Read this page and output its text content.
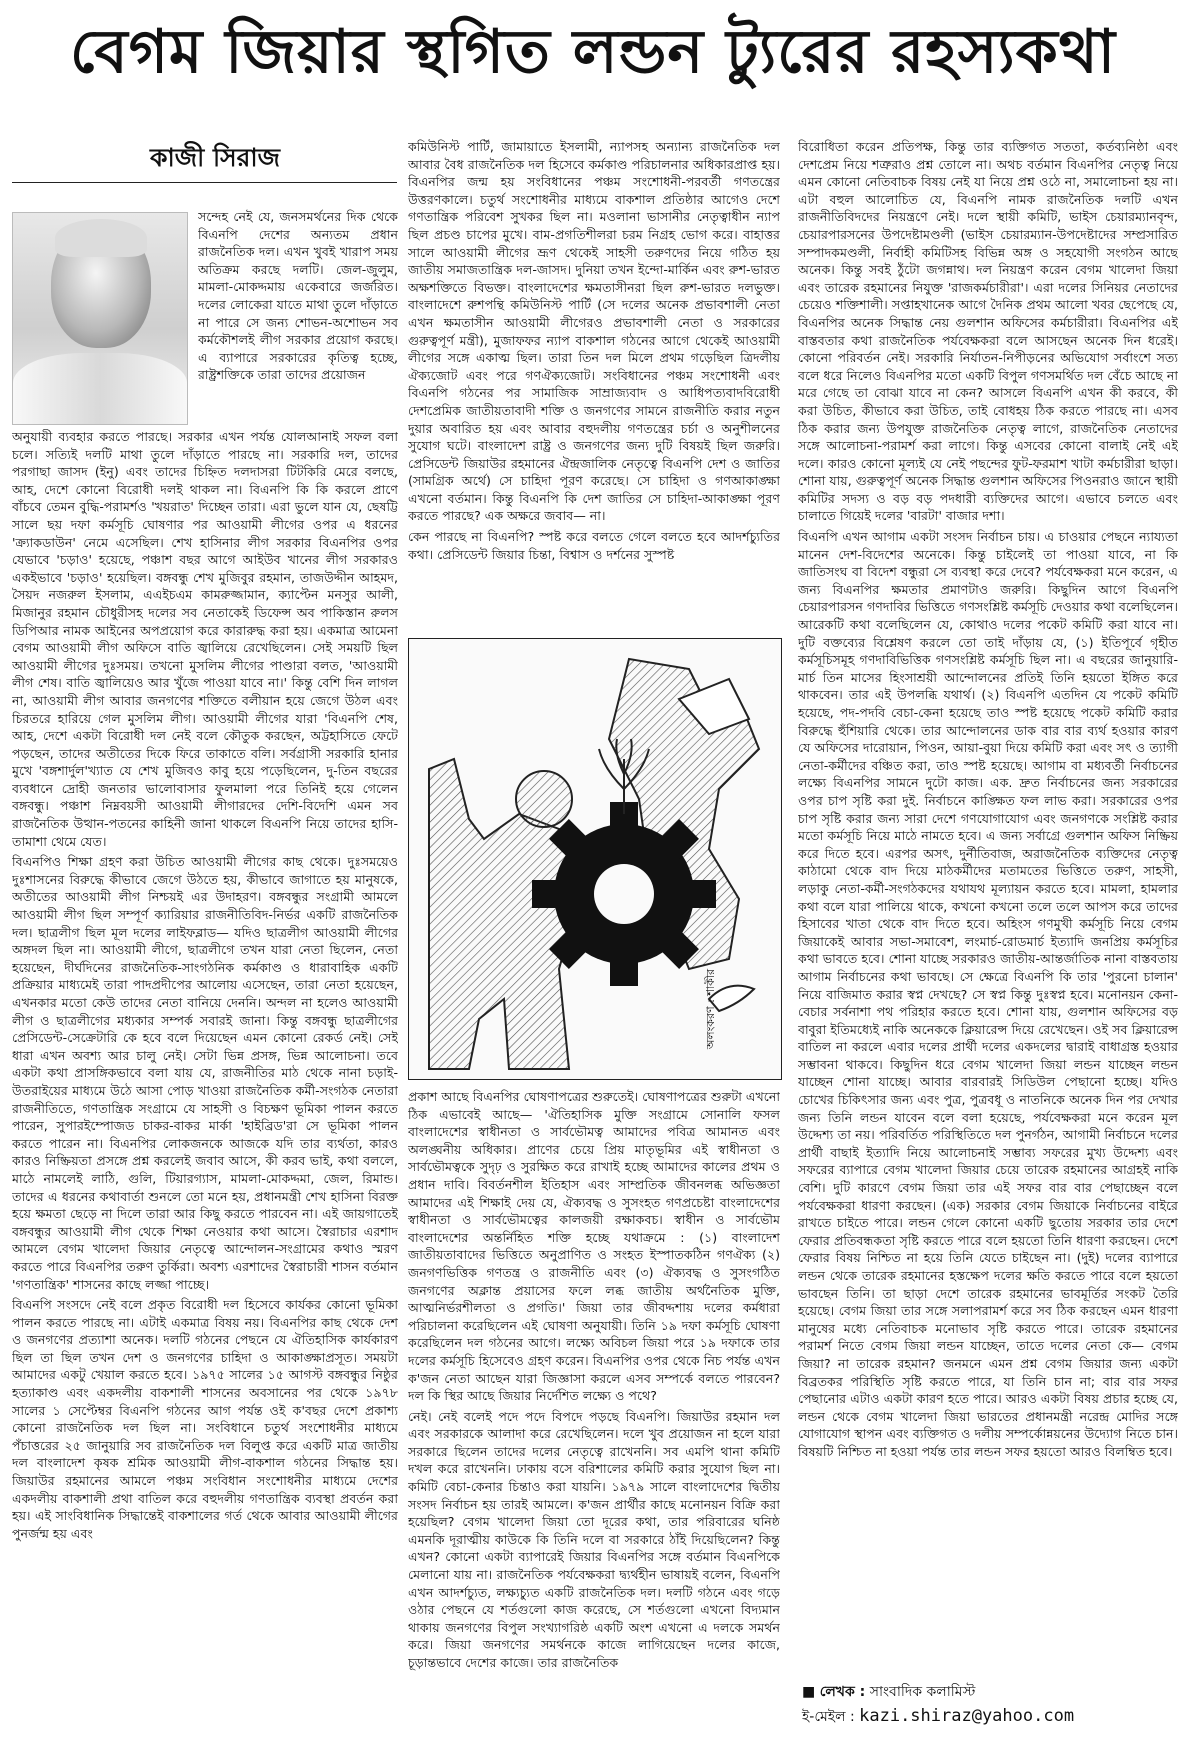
বেগম জিয়ার স্থগিত লন্ডন ট্যুরের রহস্যকথা
কাজী সিরাজ

সন্দেহ নেই যে, জনসমর্থনের দিক থেকে বিএনপি দেশের অন্যতম প্রধান রাজনৈতিক দল। এখন খুবই খারাপ সময় অতিক্রম করছে দলটি। জেল-জুলুম, মামলা-মোকদ্দমায় একেবারে জর্জরিত। দলের লোকেরা যাতে মাথা তুলে দাঁড়াতে না পারে সে জন্য শোভন-অশোভন সব কর্মকৌশলই লীগ সরকার প্রয়োগ করছে। এ ব্যাপারে সরকারের কৃতিত্ব হচ্ছে, রাষ্ট্রশক্তিকে তারা তাদের প্রয়োজন

অনুযায়ী ব্যবহার করতে পারছে। সরকার এখন পর্যন্ত যোলআনাই সফল বলা চলে। সত্যিই দলটি মাথা তুলে দাঁড়াতে পারছে না। সরকারি দল, তাদের পরগাছা জাসদ (ইনু) এবং তাদের চিহ্নিত দলদাসরা টিটকিরি মেরে বলছে, আহ, দেশে কোনো বিরোধী দলই থাকল না। বিএনপি কি কি করলে প্রাণে বাঁচবে তেমন বুদ্ধি-পরামর্শও 'খয়রাত' দিচ্ছেন তারা। এরা ভুলে যান যে, ছেষট্টি সালে ছয় দফা কর্মসূচি ঘোষণার পর আওয়ামী লীগের ওপর এ ধরনের 'ক্র্যাকডাউন' নেমে এসেছিল। শেখ হাসিনার লীগ সরকার বিএনপির ওপর যেভাবে 'চড়াও' হয়েছে, পঞ্চাশ বছর আগে আইউব খানের লীগ সরকারও একইভাবে 'চড়াও' হয়েছিল। বঙ্গবন্ধু শেখ মুজিবুর রহমান, তাজউদ্দীন আহমদ, সৈয়দ নজরুল ইসলাম, এএইচএম কামরুজ্জামান, ক্যাপ্টেন মনসুর আলী, মিজানুর রহমান চৌধুরীসহ দলের সব নেতাকেই ডিফেন্স অব পাকিস্তান রুলস ডিপিআর নামক আইনের অপপ্রয়োগ করে কারারুদ্ধ করা হয়। একমাত্র আমেনা বেগম আওয়ামী লীগ অফিসে বাতি জ্বালিয়ে রেখেছিলেন। সেই সময়টি ছিল আওয়ামী লীগের দুঃসময়। তখনো মুসলিম লীগের পাণ্ডারা বলত, 'আওয়ামী লীগ শেষ। বাতি জ্বালিয়েও আর খুঁজে পাওয়া যাবে না।' কিন্তু বেশি দিন লাগল না, আওয়ামী লীগ আবার জনগণের শক্তিতে বলীয়ান হয়ে জেগে উঠল এবং চিরতরে হারিয়ে গেল মুসলিম লীগ। আওয়ামী লীগের যারা 'বিএনপি শেষ, আহ, দেশে একটা বিরোধী দল নেই বলে কৌতুক করছেন, অট্টহাসিতে ফেটে পড়ছেন, তাদের অতীতের দিকে ফিরে তাকাতে বলি। সর্বগ্রাসী সরকারি হানার মুখে 'বঙ্গশার্দুল'খ্যাত যে শেখ মুজিবও কাবু হয়ে পড়েছিলেন, দু-তিন বছরের ব্যবধানে দ্রোহী জনতার ভালোবাসার ফুলমালা পরে তিনিই হয়ে গেলেন বঙ্গবন্ধু। পঞ্চাশ নিম্নবয়সী আওয়ামী লীগারদের দেশি-বিদেশি এমন সব রাজনৈতিক উত্থান-পতনের কাহিনী জানা থাকলে বিএনপি নিয়ে তাদের হাসি-তামাশা থেমে যেত।

বিএনপিও শিক্ষা গ্রহণ করা উচিত আওয়ামী লীগের কাছ থেকে। দুঃসময়েও দুঃশাসনের বিরুদ্ধে কীভাবে জেগে উঠতে হয়, কীভাবে জাগাতে হয় মানুষকে, অতীতের আওয়ামী লীগ নিশ্চয়ই এর উদাহরণ। বঙ্গবন্ধুর সংগ্রামী আমলে আওয়ামী লীগ ছিল সম্পূর্ণ ক্যারিয়ার রাজনীতিবিদ-নির্ভর একটি রাজনৈতিক দল। ছাত্রলীগ ছিল মূল দলের লাইফব্লাড— যদিও ছাত্রলীগ আওয়ামী লীগের অঙ্গদল ছিল না। আওয়ামী লীগে, ছাত্রলীগে তখন যারা নেতা ছিলেন, নেতা হয়েছেন, দীর্ঘদিনের রাজনৈতিক-সাংগঠনিক কর্মকাণ্ড ও ধারাবাহিক একটি প্রক্রিয়ার মাধ্যমেই তারা পাদপ্রদীপের আলোয় এসেছেন, তারা নেতা হয়েছেন, এখনকার মতো কেউ তাদের নেতা বানিয়ে দেননি। অন্দল না হলেও আওয়ামী লীগ ও ছাত্রলীগের মধ্যকার সম্পর্ক সবারই জানা। কিন্তু বঙ্গবন্ধু ছাত্রলীগের প্রেসিডেন্ট-সেক্রেটারি কে হবে বলে দিয়েছেন এমন কোনো রেকর্ড নেই। সেই ধারা এখন অবশ্য আর চালু নেই। সেটা ভিন্ন প্রসঙ্গ, ভিন্ন আলোচনা। তবে একটা কথা প্রাসঙ্গিকভাবে বলা যায় যে, রাজনীতির মাঠ থেকে নানা চড়াই-উতরাইয়ের মাধ্যমে উঠে আসা পোড় খাওয়া রাজনৈতিক কর্মী-সংগঠক নেতারা রাজনীতিতে, গণতান্ত্রিক সংগ্রামে যে সাহসী ও বিচক্ষণ ভূমিকা পালন করতে পারেন, সুপারইম্পোজড চাকর-বাকর মার্কা 'হাইব্রিড'রা সে ভূমিকা পালন করতে পারেন না। বিএনপির লোকজনকে আজকে যদি তার ব্যর্থতা, কারও কারও নিষ্ক্রিয়তা প্রসঙ্গে প্রশ্ন করলেই জবাব আসে, কী করব ভাই, কথা বললে, মাঠে নামলেই লাঠি, গুলি, টিয়ারগ্যাস, মামলা-মোকদ্দমা, জেল, রিমান্ড। তাদের এ ধরনের কথাবার্তা শুনলে তো মনে হয়, প্রধানমন্ত্রী শেখ হাসিনা বিরক্ত হয়ে ক্ষমতা ছেড়ে না দিলে তারা আর কিছু করতে পারবেন না। এই জায়গাতেই বঙ্গবন্ধুর আওয়ামী লীগ থেকে শিক্ষা নেওয়ার কথা আসে। স্বৈরাচার এরশাদ আমলে বেগম খালেদা জিয়ার নেতৃত্বে আন্দোলন-সংগ্রামের কথাও স্মরণ করতে পারে বিএনপির তরুণ তুর্কিরা। অবশ্য এরশাদের স্বৈরাচারী শাসন বর্তমান 'গণতান্ত্রিক' শাসনের কাছে লজ্জা পাচ্ছে।

বিএনপি সংসদে নেই বলে প্রকৃত বিরোধী দল হিসেবে কার্যকর কোনো ভূমিকা পালন করতে পারছে না। এটাই একমাত্র বিষয় নয়। বিএনপির কাছ থেকে দেশ ও জনগণের প্রত্যাশা অনেক। দলটি গঠনের পেছনে যে ঐতিহাসিক কার্যকারণ ছিল তা ছিল তখন দেশ ও জনগণের চাহিদা ও আকাঙ্ক্ষাপ্রসূত। সময়টা আমাদের একটু খেয়াল করতে হবে। ১৯৭৫ সালের ১৫ আগস্ট বঙ্গবন্ধুর নিষ্ঠুর হত্যাকাণ্ড এবং একদলীয় বাকশালী শাসনের অবসানের পর থেকে ১৯৭৮ সালের ১ সেপ্টেম্বর বিএনপি গঠনের আগ পর্যন্ত ওই ক'বছর দেশে প্রকাশ্য কোনো রাজনৈতিক দল ছিল না। সংবিধানে চতুর্থ সংশোধনীর মাধ্যমে পঁচাত্তরের ২৫ জানুয়ারি সব রাজনৈতিক দল বিলুপ্ত করে একটি মাত্র জাতীয় দল বাংলাদেশ কৃষক শ্রমিক আওয়ামী লীগ-বাকশাল গঠনের সিদ্ধান্ত হয়। জিয়াউর রহমানের আমলে পঞ্চম সংবিধান সংশোধনীর মাধ্যমে দেশের একদলীয় বাকশালী প্রথা বাতিল করে বহুদলীয় গণতান্ত্রিক ব্যবস্থা প্রবর্তন করা হয়। এই সাংবিধানিক সিদ্ধান্তেই বাকশালের গর্ত থেকে আবার আওয়ামী লীগের পুনর্জন্ম হয় এবং

কমিউনিস্ট পার্টি, জামায়াতে ইসলামী, ন্যাপসহ অন্যান্য রাজনৈতিক দল আবার বৈধ রাজনৈতিক দল হিসেবে কর্মকাণ্ড পরিচালনার অধিকারপ্রাপ্ত হয়। বিএনপির জন্ম হয় সংবিধানের পঞ্চম সংশোধনী-পরবর্তী গণতন্ত্রের উত্তরণকালে। চতুর্থ সংশোধনীর মাধ্যমে বাকশাল প্রতিষ্ঠার আগেও দেশে গণতান্ত্রিক পরিবেশ সুখকর ছিল না। মওলানা ভাসানীর নেতৃত্বাধীন ন্যাপ ছিল প্রচণ্ড চাপের মুখে। বাম-প্রগতিশীলরা চরম নিগ্রহ ভোগ করে। বাহাত্তর সালে আওয়ামী লীগের ভ্রূণ থেকেই সাহসী তরুণদের নিয়ে গঠিত হয় জাতীয় সমাজতান্ত্রিক দল-জাসদ। দুনিয়া তখন ইন্দো-মার্কিন এবং রুশ-ভারত অক্ষশক্তিতে বিভক্ত। বাংলাদেশের ক্ষমতাসীনরা ছিল রুশ-ভারত দলভুক্ত। বাংলাদেশে রুশপন্থি কমিউনিস্ট পার্টি (সে দলের অনেক প্রভাবশালী নেতা এখন ক্ষমতাসীন আওয়ামী লীগেরও প্রভাবশালী নেতা ও সরকারের গুরুত্বপূর্ণ মন্ত্রী), মুজাফফর ন্যাপ বাকশাল গঠনের আগে থেকেই আওয়ামী লীগের সঙ্গে একাত্ম ছিল। তারা তিন দল মিলে প্রথম গড়েছিল ত্রিদলীয় ঐক্যজোট এবং পরে গণঐক্যজোট। সংবিধানের পঞ্চম সংশোধনী এবং বিএনপি গঠনের পর সামাজিক সাম্রাজ্যবাদ ও আধিপত্যবাদবিরোধী দেশপ্রেমিক জাতীয়তাবাদী শক্তি ও জনগণের সামনে রাজনীতি করার নতুন দুয়ার অবারিত হয় এবং আবার বহুদলীয় গণতন্ত্রের চর্চা ও অনুশীলনের সুযোগ ঘটে। বাংলাদেশ রাষ্ট্র ও জনগণের জন্য দুটি বিষয়ই ছিল জরুরি। প্রেসিডেন্ট জিয়াউর রহমানের ঐন্দ্রজালিক নেতৃত্বে বিএনপি দেশ ও জাতির (সামগ্রিক অর্থে) সে চাহিদা পূরণ করেছে। সে চাহিদা ও গণআকাঙ্ক্ষা এখনো বর্তমান। কিন্তু বিএনপি কি দেশ জাতির সে চাহিদা-আকাঙ্ক্ষা পূরণ করতে পারছে? এক অক্ষরে জবাব— না।

কেন পারছে না বিএনপি? স্পষ্ট করে বলতে গেলে বলতে হবে আদর্শচ্যুতির কথা। প্রেসিডেন্ট জিয়ার চিন্তা, বিশ্বাস ও দর্শনের সুস্পষ্ট

অলংকরণ : শাকীর

প্রকাশ আছে বিএনপির ঘোষণাপত্রের শুরুতেই। ঘোষণাপত্রের শুরুটা এখনো ঠিক এভাবেই আছে— 'ঐতিহাসিক মুক্তি সংগ্রামে সোনালি ফসল বাংলাদেশের স্বাধীনতা ও সার্বভৌমত্ব আমাদের পবিত্র আমানত এবং অলঙ্ঘনীয় অধিকার। প্রাণের চেয়ে প্রিয় মাতৃভূমির এই স্বাধীনতা ও সার্বভৌমত্বকে সুদৃঢ় ও সুরক্ষিত করে রাখাই হচ্ছে আমাদের কালের প্রথম ও প্রধান দাবি। বিবর্তনশীল ইতিহাস এবং সাম্প্রতিক জীবনলব্ধ অভিজ্ঞতা আমাদের এই শিক্ষাই দেয় যে, ঐক্যবদ্ধ ও সুসংহত গণপ্রচেষ্টা বাংলাদেশের স্বাধীনতা ও সার্বভৌমত্বের কালজয়ী রক্ষাকবচ। স্বাধীন ও সার্বভৌম বাংলাদেশের অন্তর্নিহিত শক্তি হচ্ছে যথাক্রমে : (১) বাংলাদেশ জাতীয়তাবাদের ভিত্তিতে অনুপ্রাণিত ও সংহত ইস্পাতকঠিন গণঐক্য (২) জনগণভিত্তিক গণতন্ত্র ও রাজনীতি এবং (৩) ঐক্যবদ্ধ ও সুসংগঠিত জনগণের অক্লান্ত প্রয়াসের ফলে লব্ধ জাতীয় অর্থনৈতিক মুক্তি, আত্মনির্ভরশীলতা ও প্রগতি।' জিয়া তার জীবদ্দশায় দলের কর্মধারা পরিচালনা করেছিলেন এই ঘোষণা অনুযায়ী। তিনি ১৯ দফা কর্মসূচি ঘোষণা করেছিলেন দল গঠনের আগে। লক্ষ্যে অবিচল জিয়া পরে ১৯ দফাকে তার দলের কর্মসূচি হিসেবেও গ্রহণ করেন। বিএনপির ওপর থেকে নিচ পর্যন্ত এখন ক'জন নেতা আছেন যারা জিজ্ঞাসা করলে এসব সম্পর্কে বলতে পারবেন? দল কি স্থির আছে জিয়ার নির্দেশিত লক্ষ্যে ও পথে?

নেই। নেই বলেই পদে পদে বিপদে পড়ছে বিএনপি। জিয়াউর রহমান দল এবং সরকারকে আলাদা করে রেখেছিলেন। দলে খুব প্রয়োজন না হলে যারা সরকারে ছিলেন তাদের দলের নেতৃত্বে রাখেননি। সব এমপি থানা কমিটি দখল করে রাখেননি। ঢাকায় বসে বরিশালের কমিটি করার সুযোগ ছিল না। কমিটি বেচা-কেনার চিন্তাও করা যায়নি। ১৯৭৯ সালে বাংলাদেশের দ্বিতীয় সংসদ নির্বাচন হয় তারই আমলে। ক'জন প্রার্থীর কাছে মনোনয়ন বিক্রি করা হয়েছিল? বেগম খালেদা জিয়া তো দূরের কথা, তার পরিবারের ঘনিষ্ঠ এমনকি দূরাত্মীয় কাউকে কি তিনি দলে বা সরকারে ঠাঁই দিয়েছিলেন? কিন্তু এখন? কোনো একটা ব্যাপারেই জিয়ার বিএনপির সঙ্গে বর্তমান বিএনপিকে মেলানো যায় না। রাজনৈতিক পর্যবেক্ষকরা দ্ব্যর্থহীন ভাষায়ই বলেন, বিএনপি এখন আদর্শচ্যুত, লক্ষ্যচ্যুত একটি রাজনৈতিক দল। দলটি গঠনে এবং গড়ে ওঠার পেছনে যে শর্তগুলো কাজ করেছে, সে শর্তগুলো এখনো বিদ্যমান থাকায় জনগণের বিপুল সংখ্যাগরিষ্ঠ একটি অংশ এখনো এ দলকে সমর্থন করে। জিয়া জনগণের সমর্থনকে কাজে লাগিয়েছেন দলের কাজে, চূড়ান্তভাবে দেশের কাজে। তার রাজনৈতিক

বিরোধিতা করেন প্রতিপক্ষ, কিন্তু তার ব্যক্তিগত সততা, কর্তব্যনিষ্ঠা এবং দেশপ্রেম নিয়ে শত্রুরাও প্রশ্ন তোলে না। অথচ বর্তমান বিএনপির নেতৃত্ব নিয়ে এমন কোনো নেতিবাচক বিষয় নেই যা নিয়ে প্রশ্ন ওঠে না, সমালোচনা হয় না। এটা বহুল আলোচিত যে, বিএনপি নামক রাজনৈতিক দলটি এখন রাজনীতিবিদদের নিয়ন্ত্রণে নেই। দলে স্থায়ী কমিটি, ভাইস চেয়ারম্যানবৃন্দ, চেয়ারপারসনের উপদেষ্টামণ্ডলী (ভাইস চেয়ারম্যান-উপদেষ্টাদের সম্প্রসারিত সম্পাদকমণ্ডলী, নির্বাহী কমিটিসহ বিভিন্ন অঙ্গ ও সহযোগী সংগঠন আছে অনেক। কিন্তু সবই ঠুঁটো জগন্নাথ। দল নিয়ন্ত্রণ করেন বেগম খালেদা জিয়া এবং তারেক রহমানের নিযুক্ত 'রাজকর্মচারীরা'। এরা দলের সিনিয়র নেতাদের চেয়েও শক্তিশালী। সপ্তাহখানেক আগে দৈনিক প্রথম আলো খবর ছেপেছে যে, বিএনপির অনেক সিদ্ধান্ত নেয় গুলশান অফিসের কর্মচারীরা। বিএনপির এই বাস্তবতার কথা রাজনৈতিক পর্যবেক্ষকরা বলে আসছেন অনেক দিন ধরেই। কোনো পরিবর্তন নেই। সরকারি নির্যাতন-নিপীড়নের অভিযোগ সর্বাংশে সত্য বলে ধরে নিলেও বিএনপির মতো একটি বিপুল গণসমর্থিত দল বেঁচে আছে না মরে গেছে তা বোঝা যাবে না কেন? আসলে বিএনপি এখন কী করবে, কী করা উচিত, কীভাবে করা উচিত, তাই বোধহয় ঠিক করতে পারছে না। এসব ঠিক করার জন্য উপযুক্ত রাজনৈতিক নেতৃত্ব লাগে, রাজনৈতিক নেতাদের সঙ্গে আলোচনা-পরামর্শ করা লাগে। কিন্তু এসবের কোনো বালাই নেই এই দলে। কারও কোনো মূল্যই যে নেই পছন্দের ফুট-ফরমাশ খাটা কর্মচারীরা ছাড়া। শোনা যায়, গুরুত্বপূর্ণ অনেক সিদ্ধান্ত গুলশান অফিসের পিওনরাও জানে স্থায়ী কমিটির সদস্য ও বড় বড় পদধারী ব্যক্তিদের আগে। এভাবে চলতে এবং চালাতে গিয়েই দলের 'বারটা' বাজার দশা।

বিএনপি এখন আগাম একটা সংসদ নির্বাচন চায়। এ চাওয়ার পেছনে ন্যায্যতা মানেন দেশ-বিদেশের অনেকে। কিন্তু চাইলেই তা পাওয়া যাবে, না কি জাতিসংঘ বা বিদেশ বন্ধুরা সে ব্যবস্থা করে দেবে? পর্যবেক্ষকরা মনে করেন, এ জন্য বিএনপির ক্ষমতার প্রমাণটাও জরুরি। কিছুদিন আগে বিএনপি চেয়ারপারসন গণদাবির ভিত্তিতে গণসংশ্লিষ্ট কর্মসূচি দেওয়ার কথা বলেছিলেন। আরেকটি কথা বলেছিলেন যে, কোথাও দলের পকেট কমিটি করা যাবে না। দুটি বক্তব্যের বিশ্লেষণ করলে তো তাই দাঁড়ায় যে, (১) ইতিপূর্বে গৃহীত কর্মসূচিসমূহ গণদাবিভিত্তিক গণসংশ্লিষ্ট কর্মসূচি ছিল না। এ বছরের জানুয়ারি-মার্চ তিন মাসের হিংসাশ্রয়ী আন্দোলনের প্রতিই তিনি হয়তো ইঙ্গিত করে থাকবেন। তার এই উপলব্ধি যথার্থ। (২) বিএনপি এতদিন যে পকেট কমিটি হয়েছে, পদ-পদবি বেচা-কেনা হয়েছে তাও স্পষ্ট হয়েছে পকেট কমিটি করার বিরুদ্ধে হুঁশিয়ারি থেকে। তার আন্দোলনের ডাক বার বার ব্যর্থ হওয়ার কারণ যে অফিসের দারোয়ান, পিওন, আয়া-বুয়া দিয়ে কমিটি করা এবং সৎ ও ত্যাগী নেতা-কর্মীদের বঞ্চিত করা, তাও স্পষ্ট হয়েছে। আগাম বা মধ্যবর্তী নির্বাচনের লক্ষ্যে বিএনপির সামনে দুটো কাজ। এক. দ্রুত নির্বাচনের জন্য সরকারের ওপর চাপ সৃষ্টি করা দুই. নির্বাচনে কাঙ্ক্ষিত ফল লাভ করা। সরকারের ওপর চাপ সৃষ্টি করার জন্য সারা দেশে গণযোগাযোগ এবং জনগণকে সংশ্লিষ্ট করার মতো কর্মসূচি নিয়ে মাঠে নামতে হবে। এ জন্য সর্বাগ্রে গুলশান অফিস নিষ্ক্রিয় করে দিতে হবে। এরপর অসৎ, দুর্নীতিবাজ, অরাজনৈতিক ব্যক্তিদের নেতৃত্ব কাঠামো থেকে বাদ দিয়ে মাঠকর্মীদের মতামতের ভিত্তিতে তরুণ, সাহসী, লড়াকু নেতা-কর্মী-সংগঠকদের যথাযথ মূল্যায়ন করতে হবে। মামলা, হামলার কথা বলে যারা পালিয়ে থাকে, কখনো কখনো তলে তলে আপস করে তাদের হিসাবের খাতা থেকে বাদ দিতে হবে। অহিংস গণমুখী কর্মসূচি নিয়ে বেগম জিয়াকেই আবার সভা-সমাবেশ, লংমার্চ-রোডমার্চ ইত্যাদি জনপ্রিয় কর্মসূচির কথা ভাবতে হবে। শোনা যাচ্ছে সরকারও জাতীয়-আন্তর্জাতিক নানা বাস্তবতায় আগাম নির্বাচনের কথা ভাবছে। সে ক্ষেত্রে বিএনপি কি তার 'পুরনো চালান' নিয়ে বাজিমাত করার স্বপ্ন দেখছে? সে স্বপ্ন কিন্তু দুঃস্বপ্ন হবে। মনোনয়ন কেনা-বেচার সর্বনাশা পথ পরিহার করতে হবে। শোনা যায়, গুলশান অফিসের বড় বাবুরা ইতিমধ্যেই নাকি অনেককে ক্লিয়ারেন্স দিয়ে রেখেছেন। ওই সব ক্লিয়ারেন্স বাতিল না করলে এবার দলের প্রার্থী দলের একদলের দ্বারাই বাধাগ্রস্ত হওয়ার সম্ভাবনা থাকবে। কিছুদিন ধরে বেগম খালেদা জিয়া লন্ডন যাচ্ছেন লন্ডন যাচ্ছেন শোনা যাচ্ছে। আবার বারবারই সিডিউল পেছানো হচ্ছে। যদিও চোখের চিকিৎসার জন্য এবং পুত্র, পুত্রবধূ ও নাতনিকে অনেক দিন পর দেখার জন্য তিনি লন্ডন যাবেন বলে বলা হয়েছে, পর্যবেক্ষকরা মনে করেন মূল উদ্দেশ্য তা নয়। পরিবর্তিত পরিস্থিতিতে দল পুনর্গঠন, আগামী নির্বাচনে দলের প্রার্থী বাছাই ইত্যাদি নিয়ে আলোচনাই সম্ভাব্য সফরের মুখ্য উদ্দেশ্য এবং সফরের ব্যাপারে বেগম খালেদা জিয়ার চেয়ে তারেক রহমানের আগ্রহই নাকি বেশি। দুটি কারণে বেগম জিয়া তার এই সফর বার বার পেছাচ্ছেন বলে পর্যবেক্ষকরা ধারণা করছেন। (এক) সরকার বেগম জিয়াকে নির্বাচনের বাইরে রাখতে চাইতে পারে। লন্ডন গেলে কোনো একটি ছুতোয় সরকার তার দেশে ফেরার প্রতিবন্ধকতা সৃষ্টি করতে পারে বলে হয়তো তিনি ধারণা করছেন। দেশে ফেরার বিষয় নিশ্চিত না হয়ে তিনি যেতে চাইছেন না। (দুই) দলের ব্যাপারে লন্ডন থেকে তারেক রহমানের হস্তক্ষেপ দলের ক্ষতি করতে পারে বলে হয়তো ভাবছেন তিনি। তা ছাড়া দেশে তারেক রহমানের ভাবমূর্তির সংকট তৈরি হয়েছে। বেগম জিয়া তার সঙ্গে সলাপরামর্শ করে সব ঠিক করছেন এমন ধারণা মানুষের মধ্যে নেতিবাচক মনোভাব সৃষ্টি করতে পারে। তারেক রহমানের পরামর্শ নিতে বেগম জিয়া লন্ডন যাচ্ছেন, তাতে দলের নেতা কে— বেগম জিয়া? না তারেক রহমান? জনমনে এমন প্রশ্ন বেগম জিয়ার জন্য একটা বিব্রতকর পরিস্থিতি সৃষ্টি করতে পারে, যা তিনি চান না; বার বার সফর পেছানোর এটাও একটা কারণ হতে পারে। আরও একটা বিষয় প্রচার হচ্ছে যে, লন্ডন থেকে বেগম খালেদা জিয়া ভারতের প্রধানমন্ত্রী নরেন্দ্র মোদির সঙ্গে যোগাযোগ স্থাপন এবং ব্যক্তিগত ও দলীয় সম্পর্কোন্নয়নের উদ্যোগ নিতে চান। বিষয়টি নিশ্চিত না হওয়া পর্যন্ত তার লন্ডন সফর হয়তো আরও বিলম্বিত হবে।

■ লেখক : সাংবাদিক কলামিস্ট
ই-মেইল : kazi.shiraz@yahoo.com
